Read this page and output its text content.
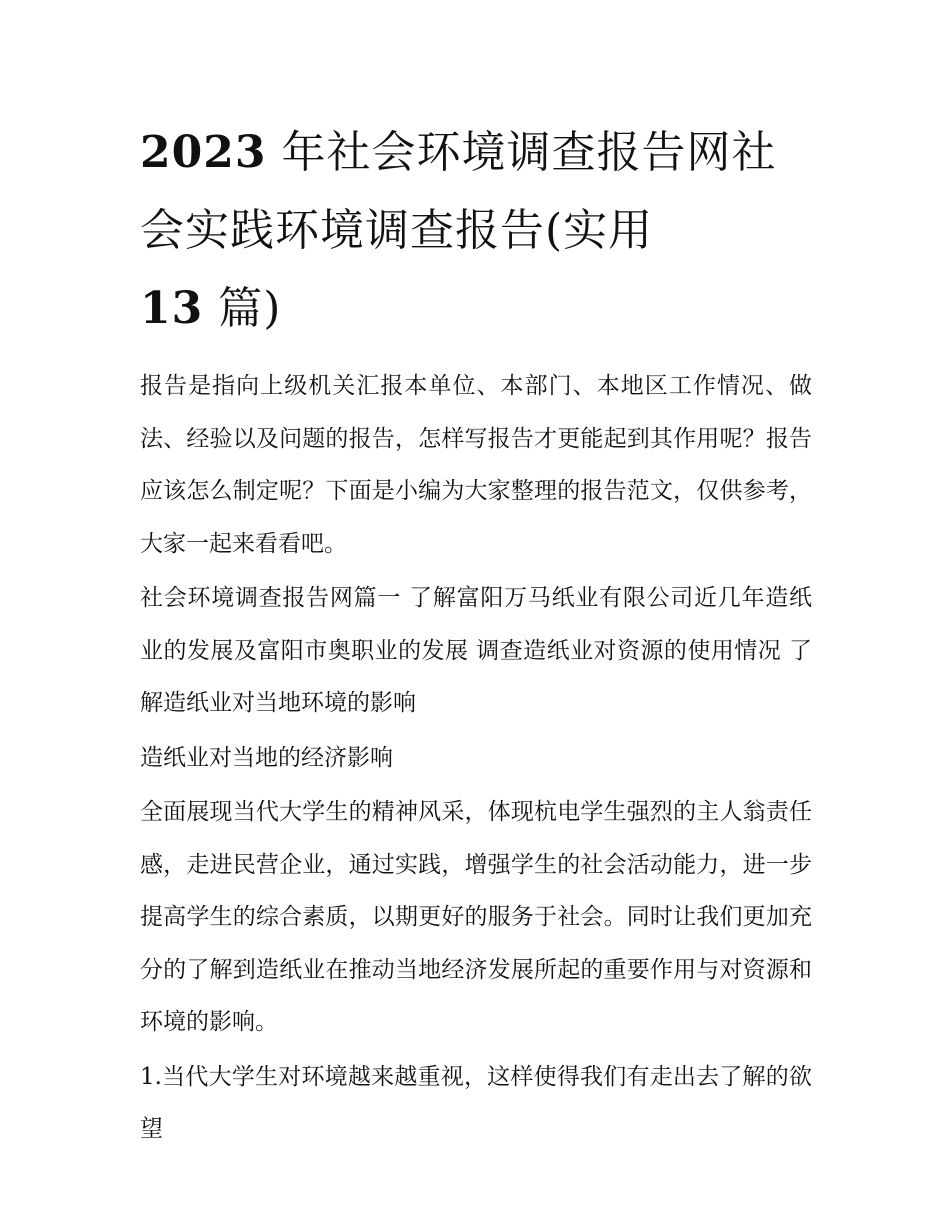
2023 年社会环境调查报告网社会实践环境调查报告(实用
13 篇)

报告是指向上级机关汇报本单位、本部门、本地区工作情况、做法、经验以及问题的报告，怎样写报告才更能起到其作用呢？报告应该怎么制定呢？下面是小编为大家整理的报告范文，仅供参考，大家一起来看看吧。

社会环境调查报告网篇一 了解富阳万马纸业有限公司近几年造纸业的发展及富阳市奥职业的发展 调查造纸业对资源的使用情况 了解造纸业对当地环境的影响

造纸业对当地的经济影响

全面展现当代大学生的精神风采，体现杭电学生强烈的主人翁责任感，走进民营企业，通过实践，增强学生的社会活动能力，进一步提高学生的综合素质，以期更好的服务于社会。同时让我们更加充分的了解到造纸业在推动当地经济发展所起的重要作用与对资源和环境的影响。

1.当代大学生对环境越来越重视，这样使得我们有走出去了解的欲望
